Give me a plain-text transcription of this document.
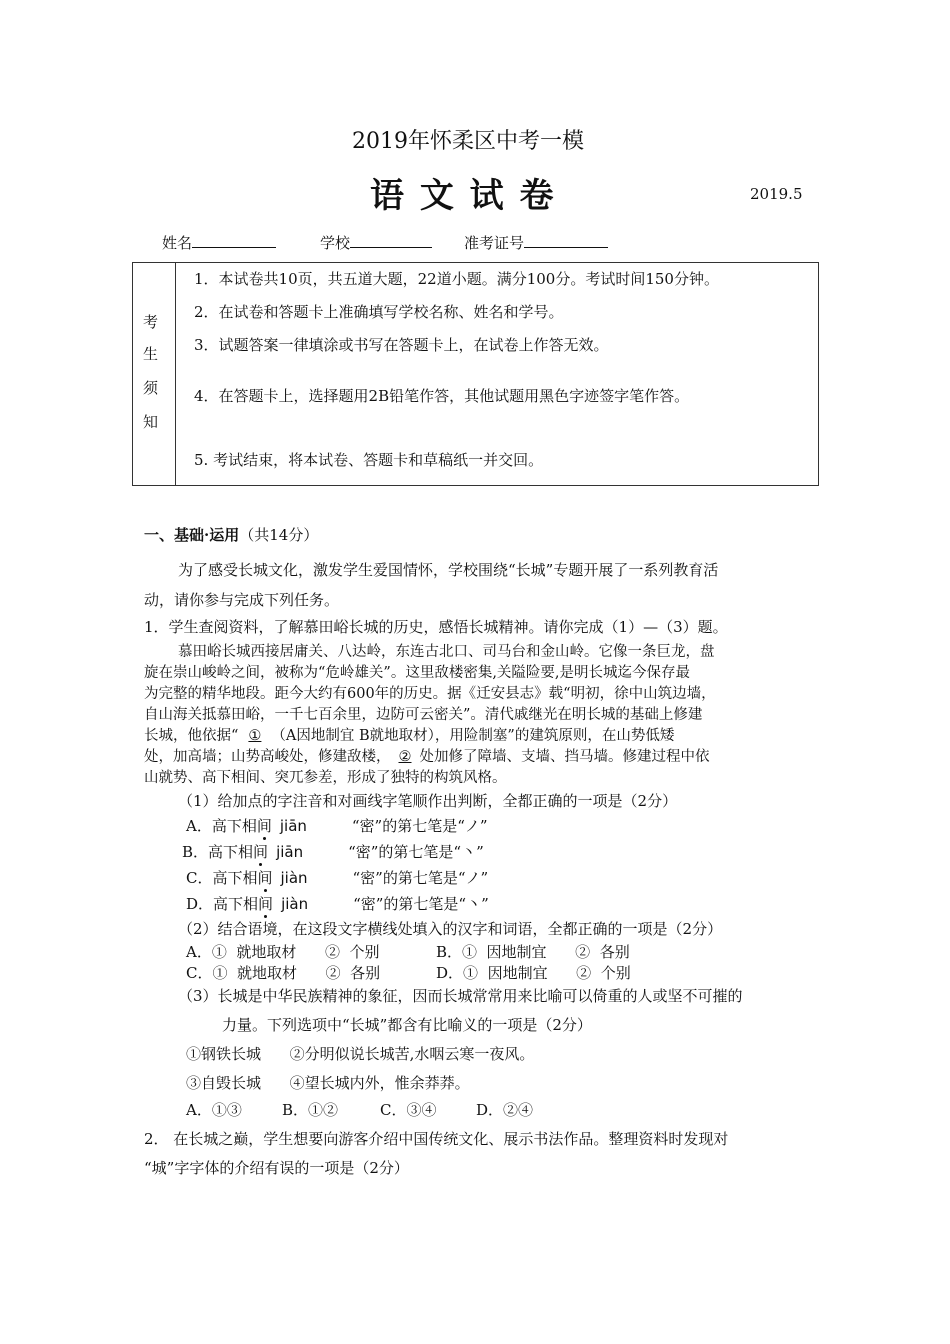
2019年怀柔区中考一模
语 文 试 卷	2019.5
姓名	学校	准考证号
考
生
须
知

1．本试卷共10页，共五道大题，22道小题。满分100分。考试时间150分钟。
2．在试卷和答题卡上准确填写学校名称、姓名和学号。
3．试题答案一律填涂或书写在答题卡上，在试卷上作答无效。
4．在答题卡上，选择题用2B铅笔作答，其他试题用黑色字迹签字笔作答。
5. 考试结束，将本试卷、答题卡和草稿纸一并交回。
一、基础·运用（共14分）
为了感受长城文化，激发学生爱国情怀，学校围绕“长城”专题开展了一系列教育活
动，请你参与完成下列任务。
1．学生查阅资料，了解慕田峪长城的历史，感悟长城精神。请你完成（1）—（3）题。
慕田峪长城西接居庸关、八达岭，东连古北口、司马台和金山岭。它像一条巨龙，盘
旋在崇山峻岭之间，被称为“危岭雄关”。这里敌楼密集,关隘险要,是明长城迄今保存最
为完整的精华地段。距今大约有600年的历史。据《迁安县志》载“明初，徐中山筑边墙，
自山海关抵慕田峪，一千七百余里，边防可云密关”。清代戚继光在明长城的基础上修建
长城，他依据“ ① （A因地制宜 B就地取材），用险制塞”的建筑原则，在山势低矮
处，加高墙；山势高峻处，修建敌楼， ② 处加修了障墙、支墙、挡马墙。修建过程中依
山就势、高下相间、突兀参差，形成了独特的构筑风格。
（1）给加点的字注音和对画线字笔顺作出判断，全都正确的一项是（2分）
A．高下相间 jiān	“密”的第七笔是“ノ”
B．高下相间 jiān	“密”的第七笔是“丶”
C．高下相间 jiàn	“密”的第七笔是“ノ”
D．高下相间 jiàn	“密”的第七笔是“丶”
（2）结合语境，在这段文字横线处填入的汉字和词语，全都正确的一项是（2分）
A．①  就地取材      ②  个别	B．①  因地制宜      ②  各别
C．①  就地取材      ②  各别	D．①  因地制宜      ②  个别
（3）长城是中华民族精神的象征，因而长城常常用来比喻可以倚重的人或坚不可摧的
力量。下列选项中“长城”都含有比喻义的一项是（2分）
①钢铁长城      ②分明似说长城苦,水咽云寒一夜风。
③自毁长城      ④望长城内外，惟余莽莽。
A．①③	B．①②	C．③④	D．②④
2． 在长城之巅，学生想要向游客介绍中国传统文化、展示书法作品。整理资料时发现对
“城”字字体的介绍有误的一项是（2分）
